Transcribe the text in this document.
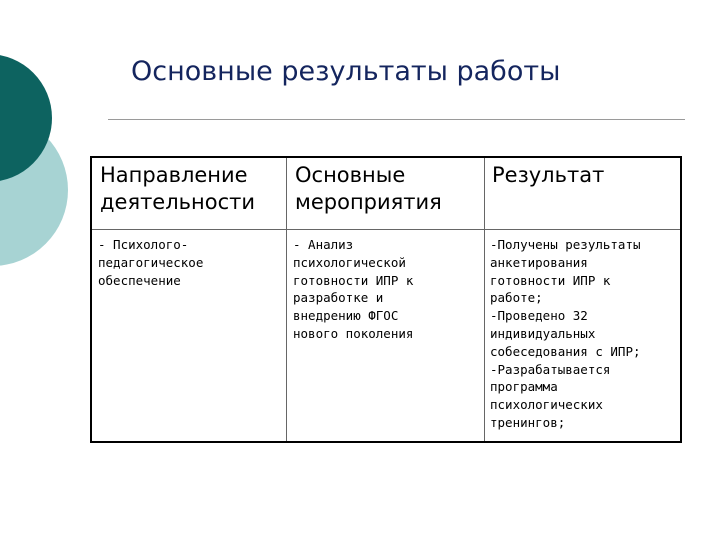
Основные результаты работы
Направление
деятельности
Основные
мероприятия
Результат
- Психолого-
педагогическое
обеспечение
- Анализ
психологической
готовности ИПР к
разработке и
внедрению ФГОС
нового поколения
-Получены результаты
анкетирования
готовности ИПР к
работе;
-Проведено 32
индивидуальных
собеседования с ИПР;
-Разрабатывается
программа
психологических
тренингов;
